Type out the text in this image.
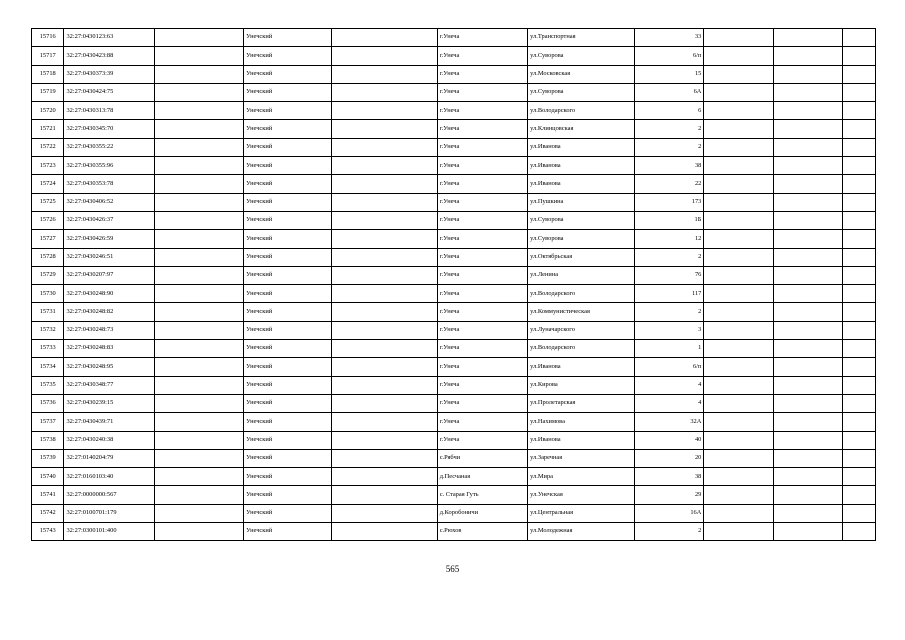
15716	32:27:0430123:63		Унечский		г.Унеча	ул.Транспортная	33			
15717	32:27:0430423:88		Унечский		г.Унеча	ул.Суворова	6/п			
15718	32:27:0430373:39		Унечский		г.Унеча	ул.Московская	15			
15719	32:27:0430424:75		Унечский		г.Унеча	ул.Суворова	6А			
15720	32:27:0430313:78		Унечский		г.Унеча	ул.Володарского	6			
15721	32:27:0430345:70		Унечский		г.Унеча	ул.Клинцовская	2			
15722	32:27:0430355:22		Унечский		г.Унеча	ул.Иванова	2			
15723	32:27:0430355:96		Унечский		г.Унеча	ул.Иванова	38			
15724	32:27:0430353:78		Унечский		г.Унеча	ул.Иванова	22			
15725	32:27:0430406:52		Унечский		г.Унеча	ул.Пушкина	173			
15726	32:27:0430426:37		Унечский		г.Унеча	ул.Суворова	1Б			
15727	32:27:0430426:59		Унечский		г.Унеча	ул.Суворова	12			
15728	32:27:0430246:51		Унечский		г.Унеча	ул.Октябрьская	2			
15729	32:27:0430207:97		Унечский		г.Унеча	ул.Ленина	76			
15730	32:27:0430248:90		Унечский		г.Унеча	ул.Володарского	117			
15731	32:27:0430248:82		Унечский		г.Унеча	ул.Коммунистическая	2			
15732	32:27:0430248:73		Унечский		г.Унеча	ул.Луначарского	3			
15733	32:27:0430248:83		Унечский		г.Унеча	ул.Володарского	1			
15734	32:27:0430248:95		Унечский		г.Унеча	ул.Иванова	6/п			
15735	32:27:0430348:77		Унечский		г.Унеча	ул.Кирова	4			
15736	32:27:0430239:15		Унечский		г.Унеча	ул.Пролетарская	4			
15737	32:27:0430439:71		Унечский		г.Унеча	ул.Нахимова	32А			
15738	32:27:0430240:38		Унечский		г.Унеча	ул.Иванова	40			
15739	32:27:0140204:79		Унечский		с.Рябчи	ул.Заречная	20			
15740	32:27:0160103:40		Унечский		д.Песчаная	ул.Мира	38			
15741	32:27:0000000:567		Унечский		с. Старая Гуть	ул.Унечская	29			
15742	32:27:0100701:179		Унечский		д.Коробоничи	ул.Центральная	16А			
15743	32:27:0300101:400		Унечский		с.Рюхов	ул.Молодежная	2			
565
